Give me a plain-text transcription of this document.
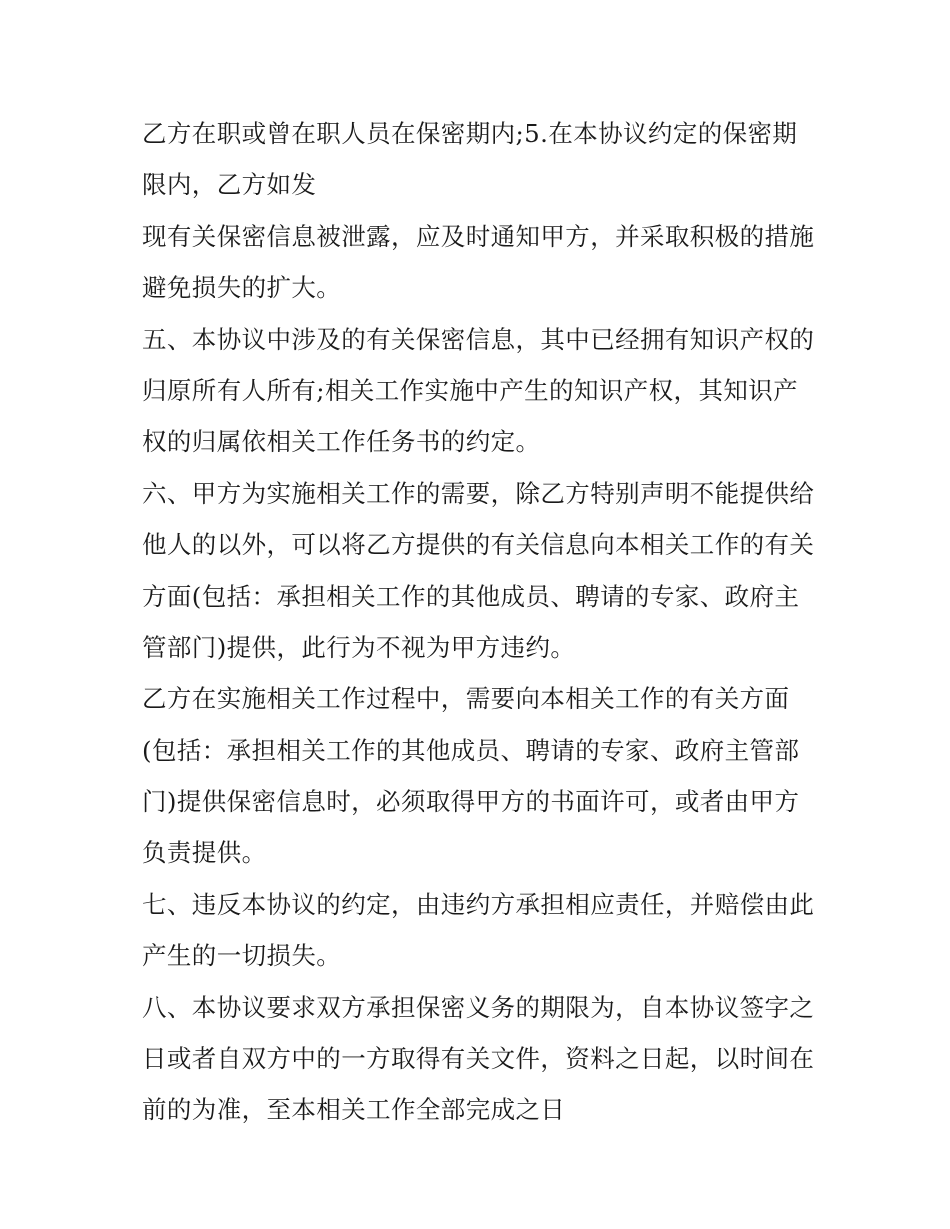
乙方在职或曾在职人员在保密期内;5.在本协议约定的保密期
限内，乙方如发
现有关保密信息被泄露，应及时通知甲方，并采取积极的措施
避免损失的扩大。
五、本协议中涉及的有关保密信息，其中已经拥有知识产权的
归原所有人所有;相关工作实施中产生的知识产权，其知识产
权的归属依相关工作任务书的约定。
六、甲方为实施相关工作的需要，除乙方特别声明不能提供给
他人的以外，可以将乙方提供的有关信息向本相关工作的有关
方面(包括：承担相关工作的其他成员、聘请的专家、政府主
管部门)提供，此行为不视为甲方违约。
乙方在实施相关工作过程中，需要向本相关工作的有关方面
(包括：承担相关工作的其他成员、聘请的专家、政府主管部
门)提供保密信息时，必须取得甲方的书面许可，或者由甲方
负责提供。
七、违反本协议的约定，由违约方承担相应责任，并赔偿由此
产生的一切损失。
八、本协议要求双方承担保密义务的期限为，自本协议签字之
日或者自双方中的一方取得有关文件，资料之日起，以时间在
前的为准，至本相关工作全部完成之日
